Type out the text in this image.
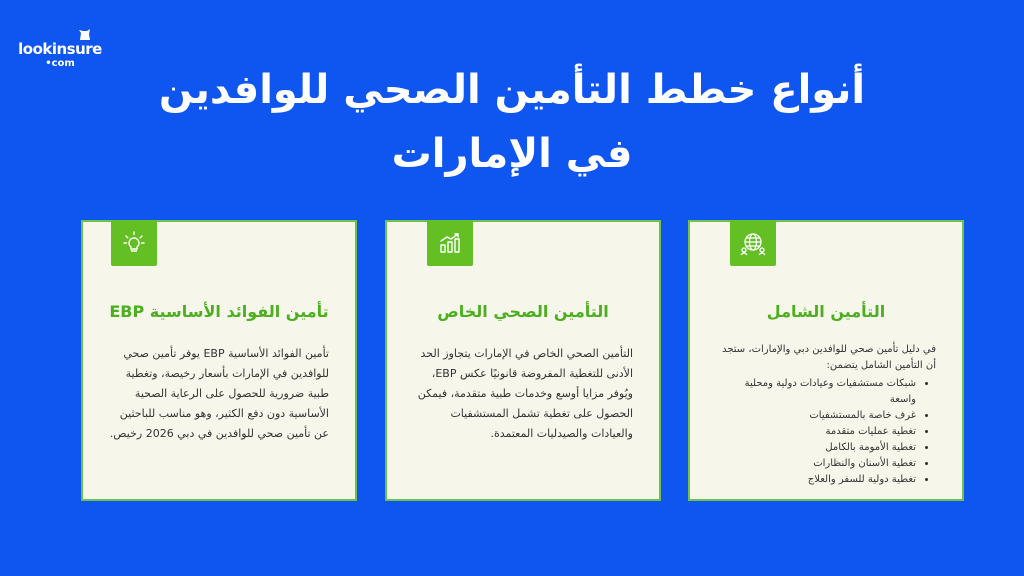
lookinsure
•com
أنواع خطط التأمين الصحي للوافدين في الإمارات
تأمين الفوائد الأساسية EBP

تأمين الفوائد الأساسية EBP يوفر تأمين صحي للوافدين في الإمارات بأسعار رخيصة، وتغطية طبية ضرورية للحصول على الرعاية الصحية الأساسية دون دفع الكثير، وهو مناسب للباحثين عن تأمين صحي للوافدين في دبي 2026 رخيص.

التأمين الصحي الخاص

التأمين الصحي الخاص في الإمارات يتجاوز الحد الأدنى للتغطية المفروضة قانونيًا عكس EBP، ويُوفر مزايا أوسع وخدمات طبية متقدمة، فيمكن الحصول على تغطية تشمل المستشفيات والعيادات والصيدليات المعتمدة.

التأمين الشامل

في دليل تأمين صحي للوافدين دبي والإمارات، ستجد أن التأمين الشامل يتضمن:

• شبكات مستشفيات وعيادات دولية ومحلية واسعة
• غرف خاصة بالمستشفيات
• تغطية عمليات متقدمة
• تغطية الأمومة بالكامل
• تغطية الأسنان والنظارات
• تغطية دولية للسفر والعلاج
